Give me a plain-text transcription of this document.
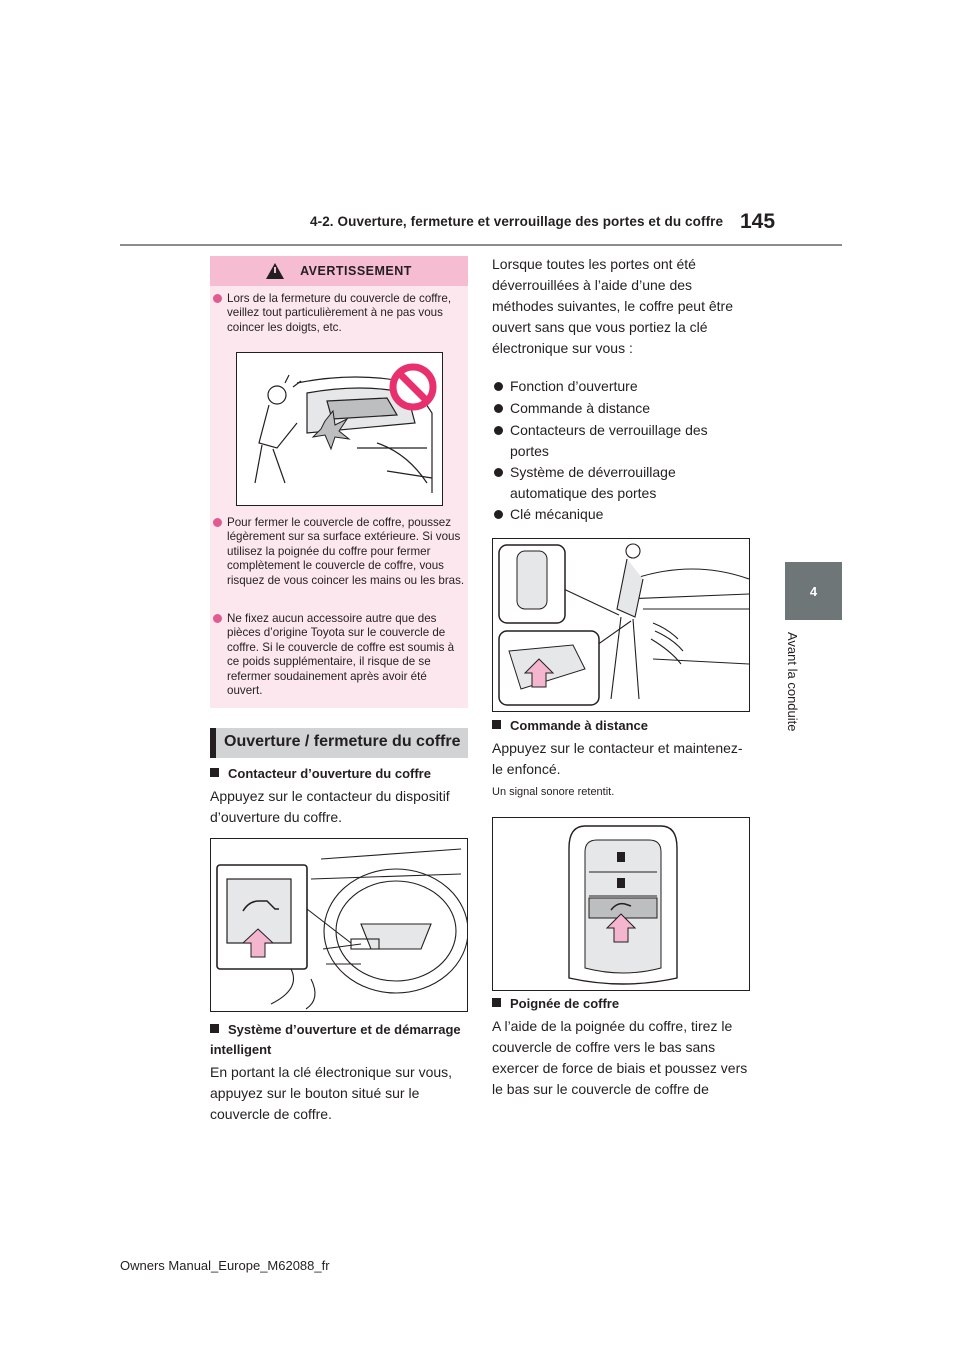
4-2. Ouverture, fermeture et verrouillage des portes et du coffre 145
4
Avant la conduite
AVERTISSEMENT
Lors de la fermeture du couvercle de coffre, veillez tout particulièrement à ne pas vous coincer les doigts, etc.
Pour fermer le couvercle de coffre, poussez légèrement sur sa surface extérieure. Si vous utilisez la poignée du coffre pour fermer complètement le couvercle de coffre, vous risquez de vous coincer les mains ou les bras.
Ne fixez aucun accessoire autre que des pièces d’origine Toyota sur le couvercle de coffre. Si le couvercle de coffre est soumis à ce poids supplémentaire, il risque de se refermer soudainement après avoir été ouvert.
Ouverture / fermeture du coffre
Contacteur d’ouverture du coffre
Appuyez sur le contacteur du dispositif d’ouverture du coffre.
Système d’ouverture et de démarrage intelligent
En portant la clé électronique sur vous, appuyez sur le bouton situé sur le couvercle de coffre.
Lorsque toutes les portes ont été déverrouillées à l’aide d’une des méthodes suivantes, le coffre peut être ouvert sans que vous portiez la clé électronique sur vous :
Fonction d’ouverture
Commande à distance
Contacteurs de verrouillage des portes
Système de déverrouillage automatique des portes
Clé mécanique
Commande à distance
Appuyez sur le contacteur et maintenez-le enfoncé.
Un signal sonore retentit.
Poignée de coffre
A l’aide de la poignée du coffre, tirez le couvercle de coffre vers le bas sans exercer de force de biais et poussez vers le bas sur le couvercle de coffre de
Owners Manual_Europe_M62088_fr
